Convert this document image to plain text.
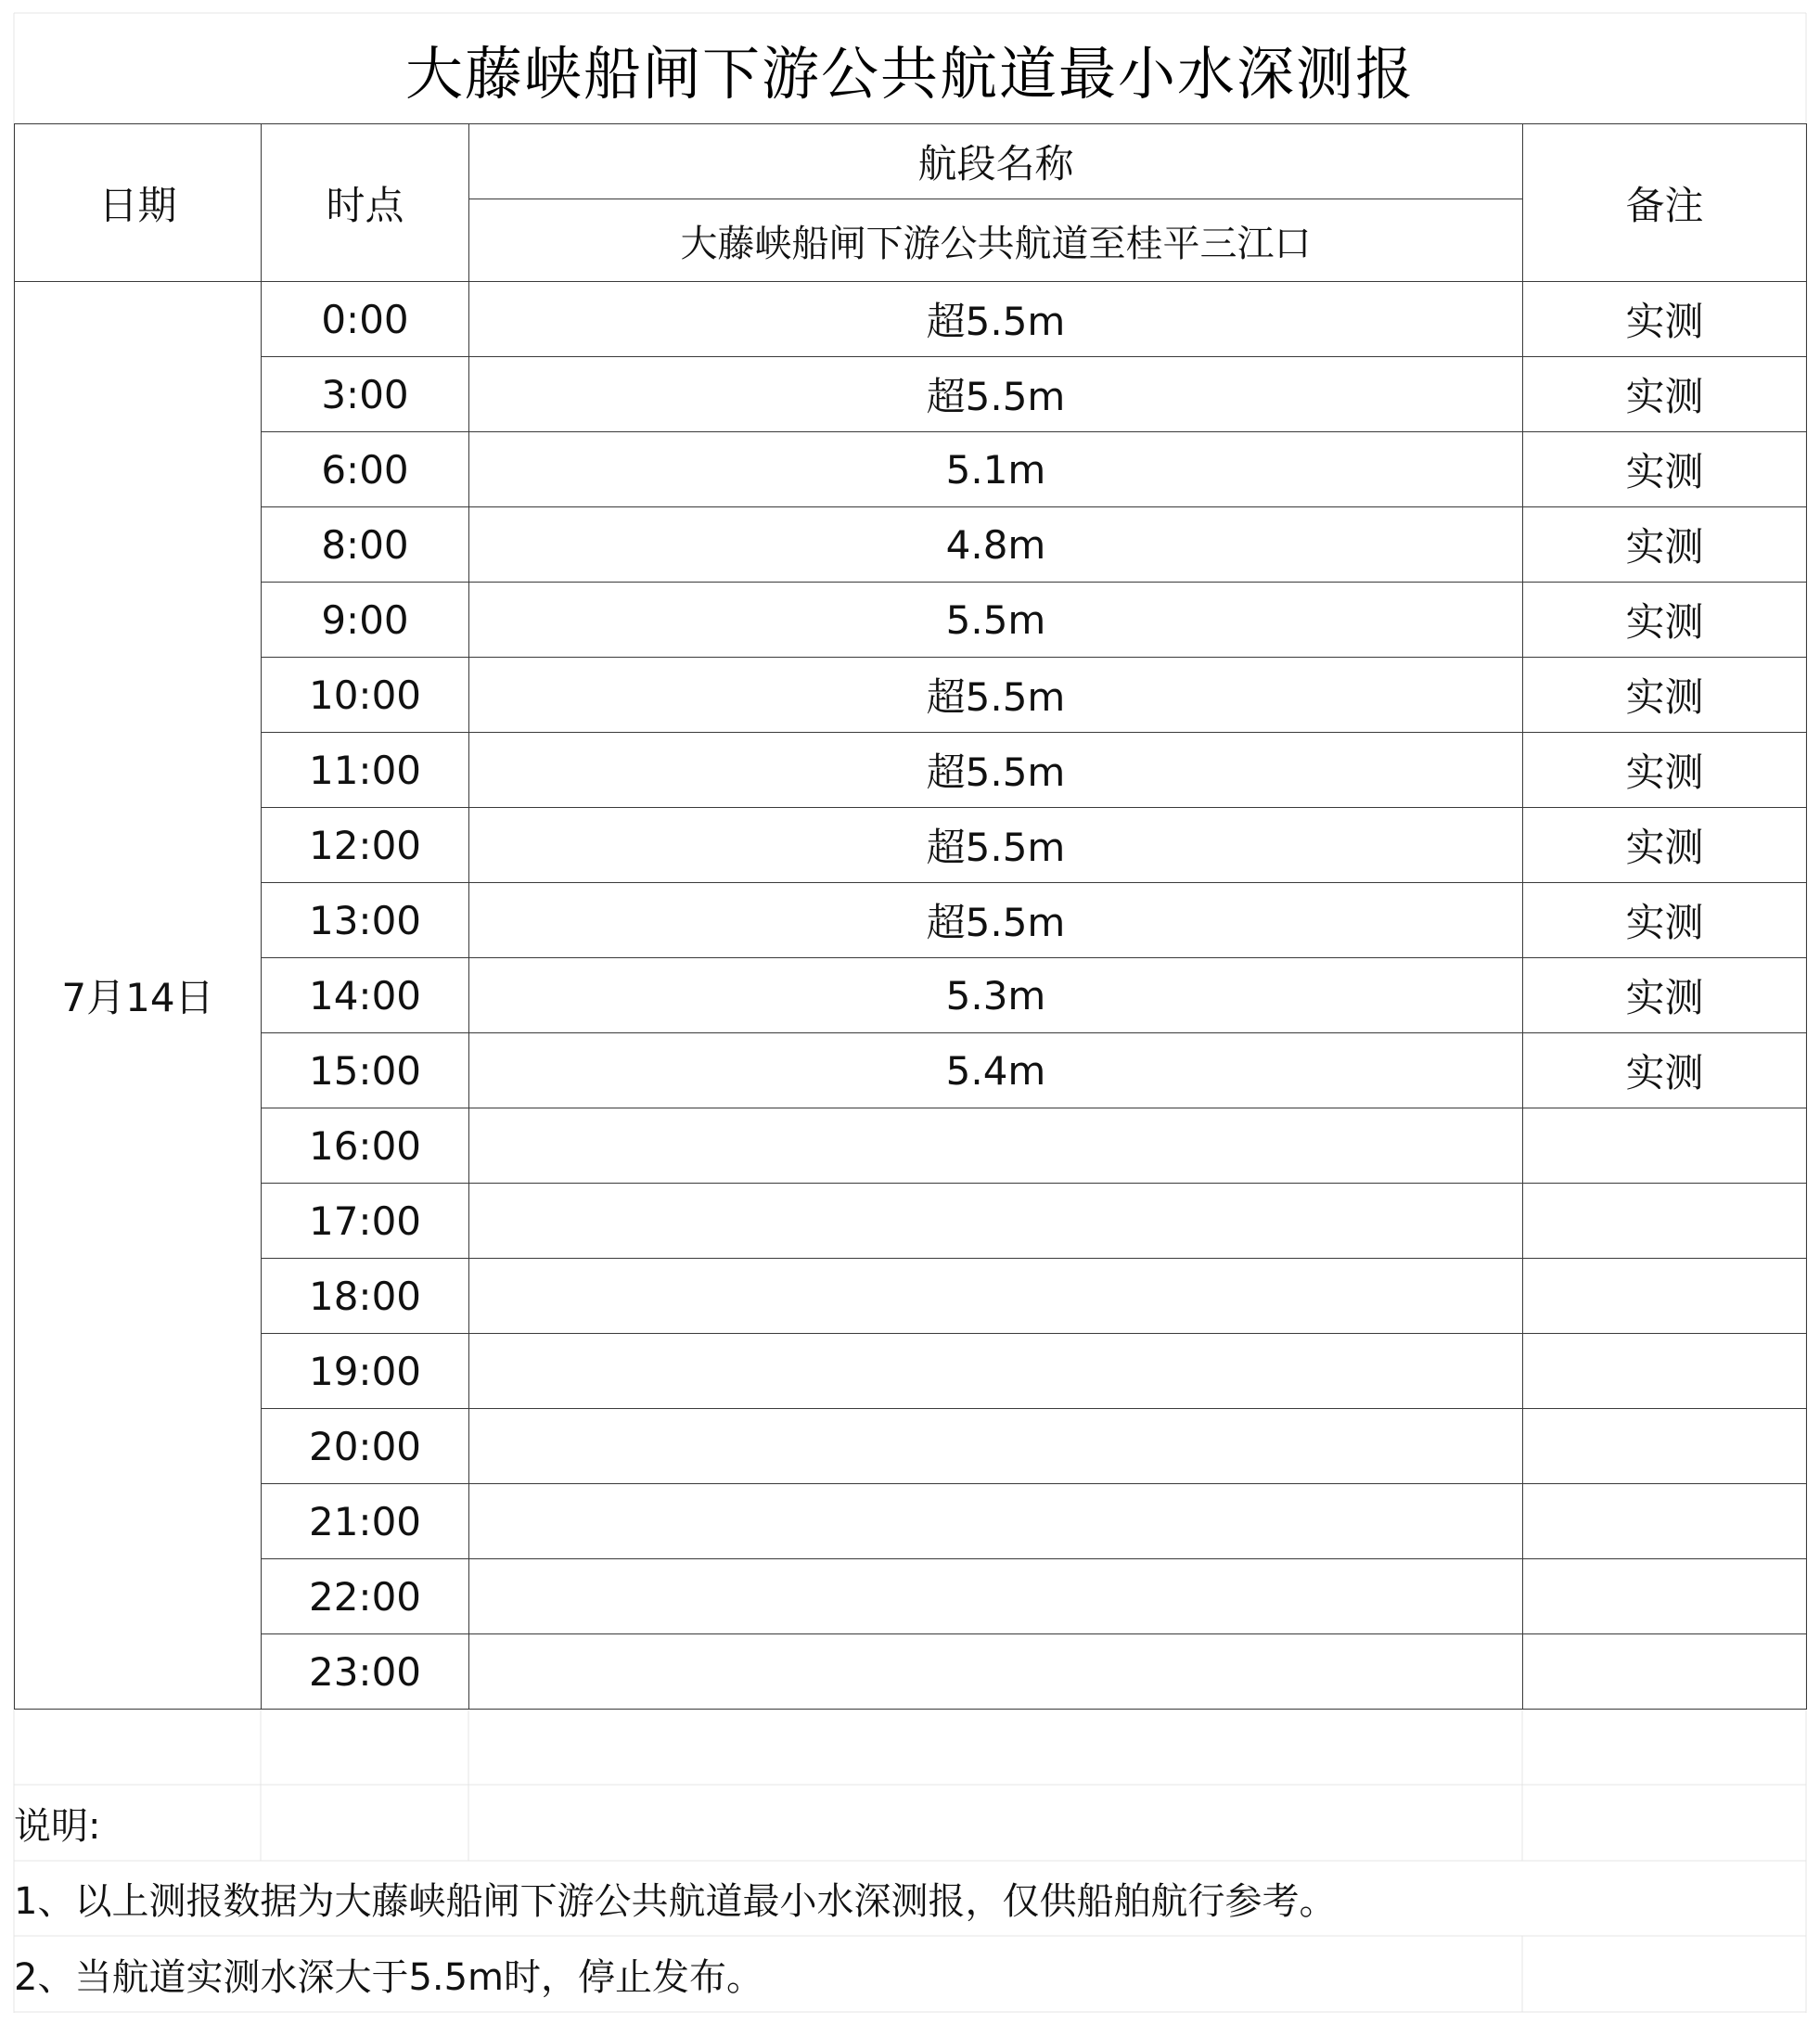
大藤峡船闸下游公共航道最小水深测报
日期	时点	航段名称	备注
		大藤峡船闸下游公共航道至桂平三江口	
7月14日	0:00	超5.5m	实测
	3:00	超5.5m	实测
	6:00	5.1m	实测
	8:00	4.8m	实测
	9:00	5.5m	实测
	10:00	超5.5m	实测
	11:00	超5.5m	实测
	12:00	超5.5m	实测
	13:00	超5.5m	实测
	14:00	5.3m	实测
	15:00	5.4m	实测
	16:00		
	17:00		
	18:00		
	19:00		
	20:00		
	21:00		
	22:00		
	23:00		
说明:
1、以上测报数据为大藤峡船闸下游公共航道最小水深测报，仅供船舶航行参考。
2、当航道实测水深大于5.5m时，停止发布。
